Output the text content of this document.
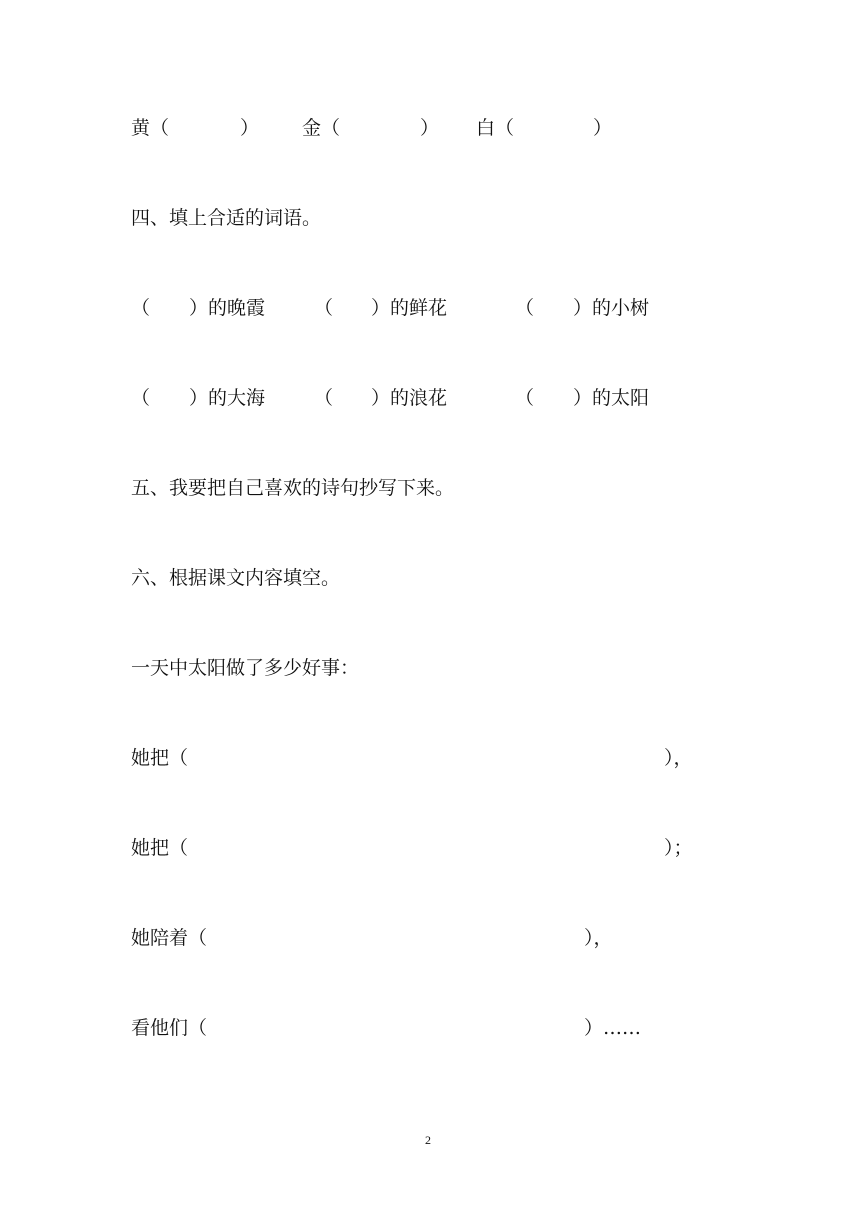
黄（	） 金（	） 白（	）
四、填上合适的词语。
（ ）的晚霞	（ ）的鲜花	（ ）的小树
（ ）的大海	（ ）的浪花	（ ）的太阳
五、我要把自己喜欢的诗句抄写下来。
六、根据课文内容填空。
一天中太阳做了多少好事：
她把（	），
她把（	）；
她陪着（	），
看他们（	）……
2
